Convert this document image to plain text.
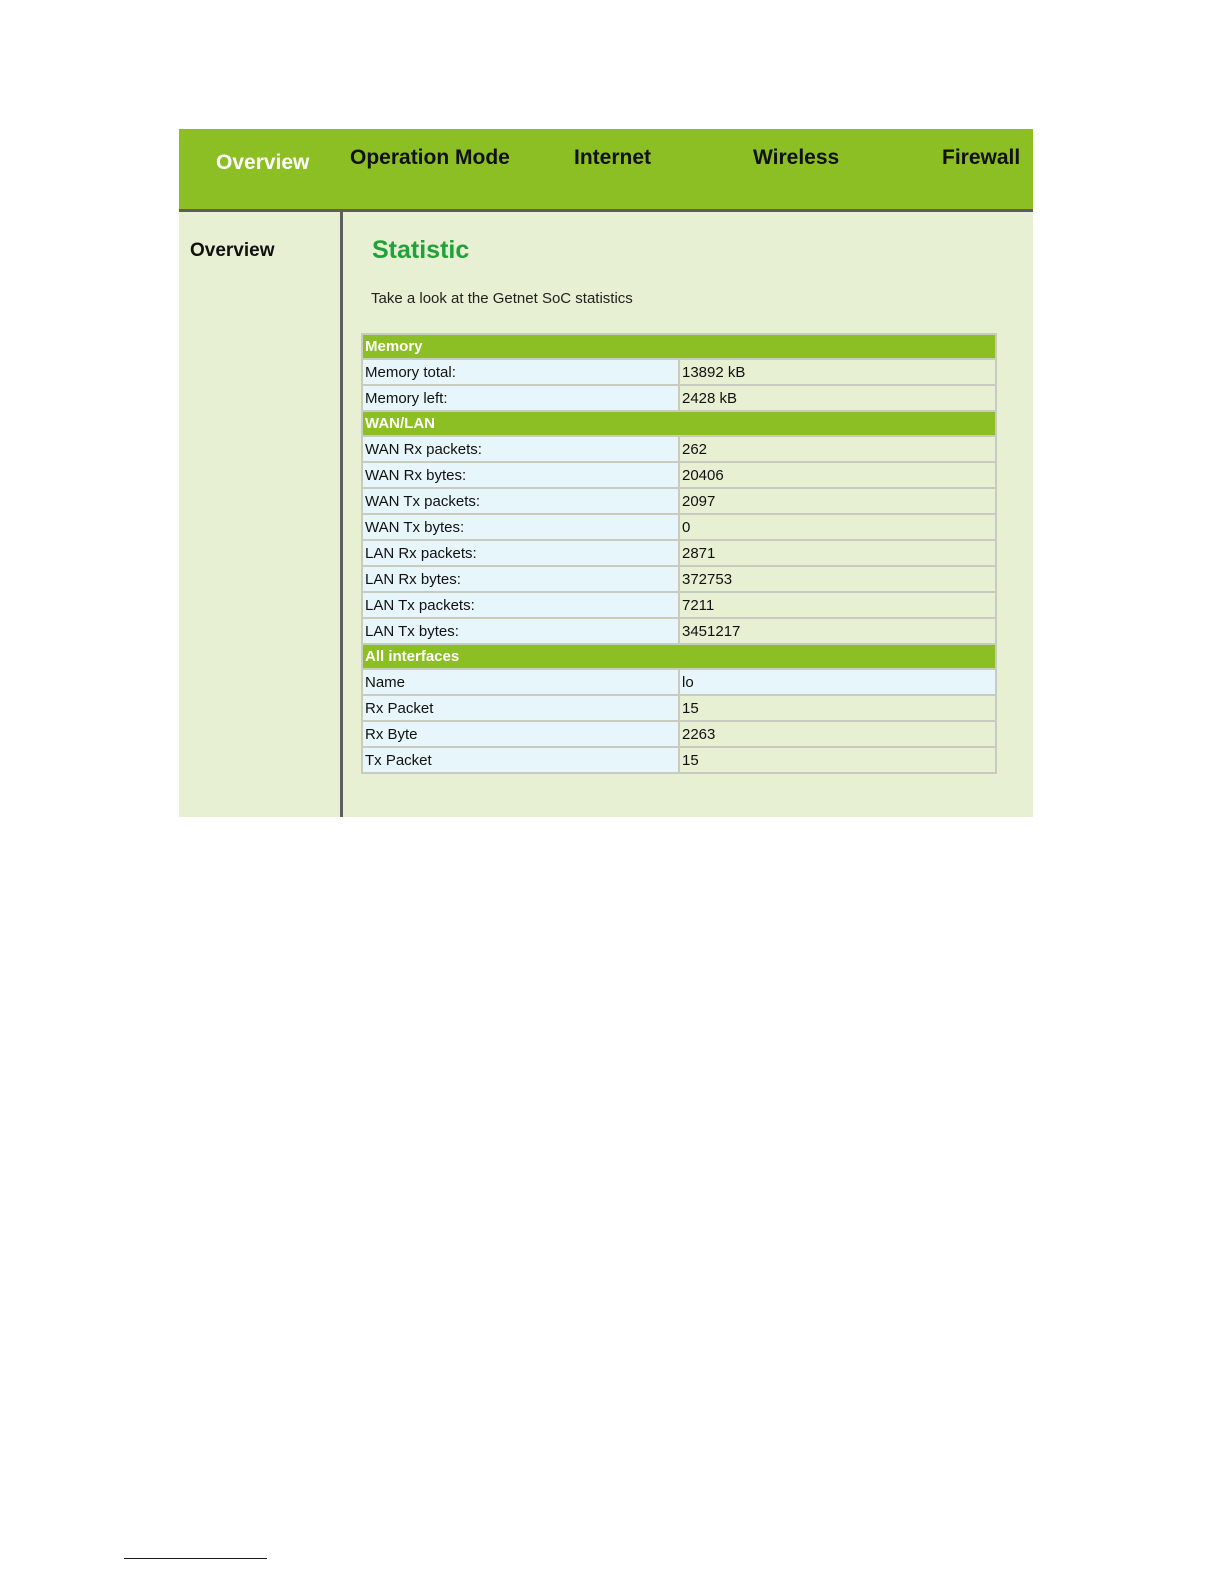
Overview Operation Mode	Internet	Wireless	Firewall
Overview	Statistic
Take a look at the Getnet SoC statistics
Memory	
Memory total:	13892 kB
Memory left:	2428 kB
WAN/LAN	
WAN Rx packets:	262
WAN Rx bytes:	20406
WAN Tx packets:	2097
WAN Tx bytes:	0
LAN Rx packets:	2871
LAN Rx bytes:	372753
LAN Tx packets:	7211
LAN Tx bytes:	3451217
All interfaces	
Name	lo
Rx Packet	15
Rx Byte	2263
Tx Packet	15
